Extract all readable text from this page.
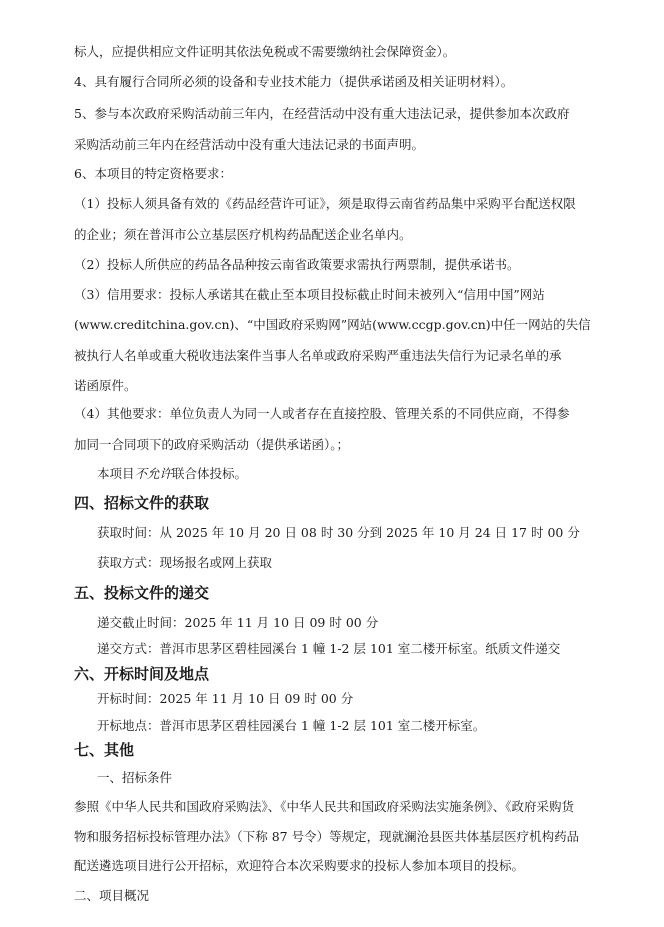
标人，应提供相应文件证明其依法免税或不需要缴纳社会保障资金）。
4、具有履行合同所必须的设备和专业技术能力（提供承诺函及相关证明材料）。
5、参与本次政府采购活动前三年内，在经营活动中没有重大违法记录，提供参加本次政府
采购活动前三年内在经营活动中没有重大违法记录的书面声明。
6、本项目的特定资格要求：
（1）投标人须具备有效的《药品经营许可证》，须是取得云南省药品集中采购平台配送权限
的企业；须在普洱市公立基层医疗机构药品配送企业名单内。
（2）投标人所供应的药品各品种按云南省政策要求需执行两票制，提供承诺书。
（3）信用要求：投标人承诺其在截止至本项目投标截止时间未被列入“信用中国”网站
(www.creditchina.gov.cn)、“中国政府采购网”网站(www.ccgp.gov.cn)中任一网站的失信
被执行人名单或重大税收违法案件当事人名单或政府采购严重违法失信行为记录名单的承
诺函原件。
（4）其他要求：单位负责人为同一人或者存在直接控股、管理关系的不同供应商，不得参
加同一合同项下的政府采购活动（提供承诺函）。；
本项目不允许联合体投标。
四、招标文件的获取
获取时间：从 2025 年 10 月 20 日 08 时 30 分到 2025 年 10 月 24 日 17 时 00 分
获取方式：现场报名或网上获取
五、投标文件的递交
递交截止时间：2025 年 11 月 10 日 09 时 00 分
递交方式：普洱市思茅区碧桂园溪台 1 幢 1-2 层 101 室二楼开标室。纸质文件递交
六、开标时间及地点
开标时间：2025 年 11 月 10 日 09 时 00 分
开标地点：普洱市思茅区碧桂园溪台 1 幢 1-2 层 101 室二楼开标室。
七、其他
一、招标条件
参照《中华人民共和国政府采购法》、《中华人民共和国政府采购法实施条例》、《政府采购货
物和服务招标投标管理办法》（下称 87 号令）等规定，现就澜沧县医共体基层医疗机构药品
配送遴选项目进行公开招标，欢迎符合本次采购要求的投标人参加本项目的投标。
二、项目概况
